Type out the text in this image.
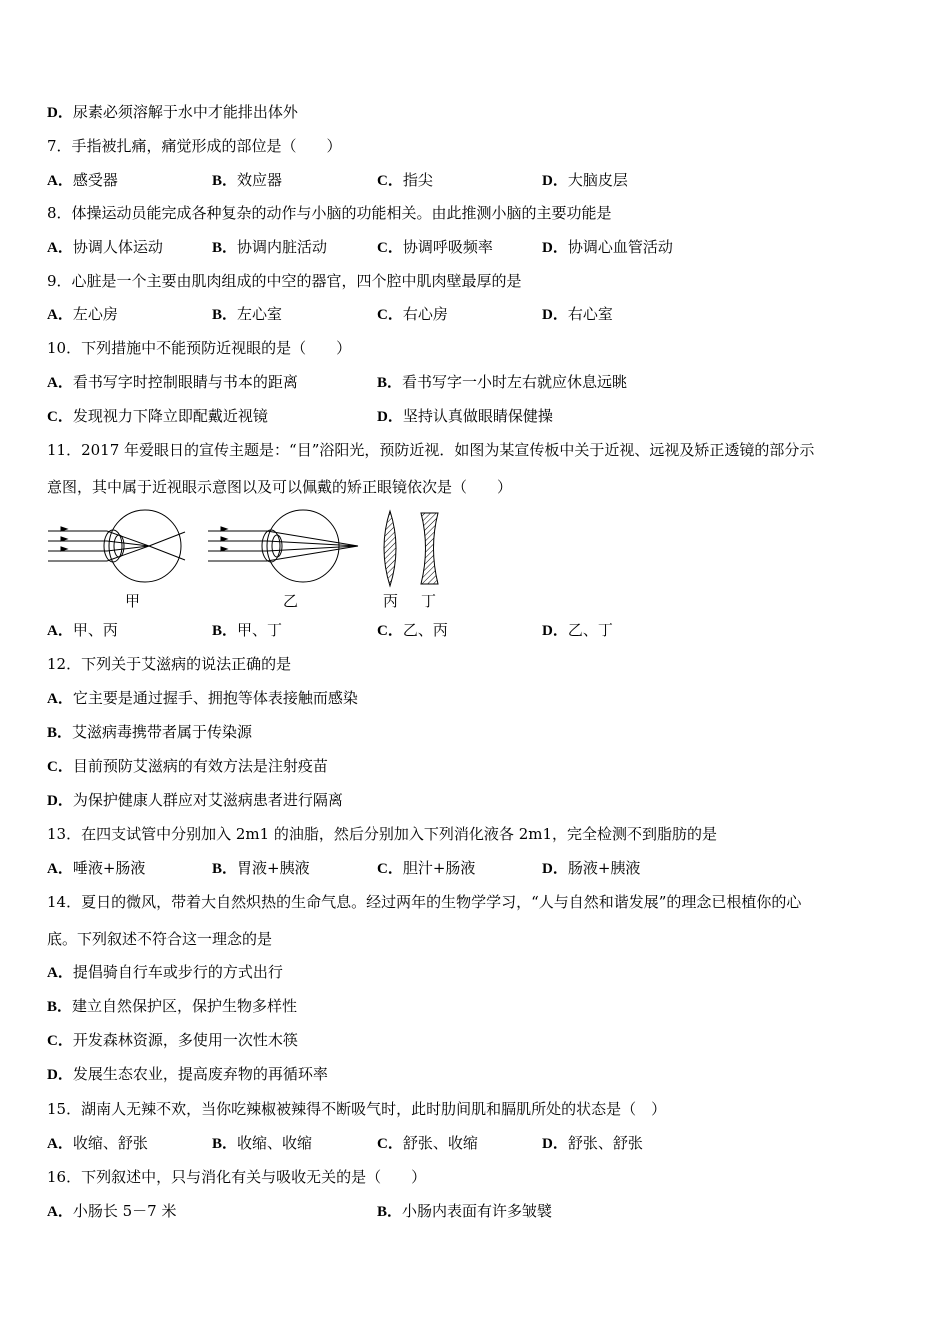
D．尿素必须溶解于水中才能排出体外
7．手指被扎痛，痛觉形成的部位是（　　）
A．感受器	B．效应器	C．指尖	D．大脑皮层
8．体操运动员能完成各种复杂的动作与小脑的功能相关。由此推测小脑的主要功能是
A．协调人体运动	B．协调内脏活动	C．协调呼吸频率	D．协调心血管活动
9．心脏是一个主要由肌肉组成的中空的器官，四个腔中肌肉壁最厚的是
A．左心房	B．左心室	C．右心房	D．右心室
10．下列措施中不能预防近视眼的是（　　）
A．看书写字时控制眼睛与书本的距离	B．看书写字一小时左右就应休息远眺
C．发现视力下降立即配戴近视镜	D．坚持认真做眼睛保健操
11．2017 年爱眼日的宣传主题是：“目”浴阳光，预防近视．如图为某宣传板中关于近视、远视及矫正透镜的部分示
意图，其中属于近视眼示意图以及可以佩戴的矫正眼镜依次是（　　）
甲	乙	丙 丁
A．甲、丙	B．甲、丁	C．乙、丙	D．乙、丁
12．下列关于艾滋病的说法正确的是
A．它主要是通过握手、拥抱等体表接触而感染
B．艾滋病毒携带者属于传染源
C．目前预防艾滋病的有效方法是注射疫苗
D．为保护健康人群应对艾滋病患者进行隔离
13．在四支试管中分别加入 2m1 的油脂，然后分别加入下列消化液各 2m1，完全检测不到脂肪的是
A．唾液+肠液	B．胃液+胰液	C．胆汁+肠液	D．肠液+胰液
14．夏日的微风，带着大自然炽热的生命气息。经过两年的生物学学习，“人与自然和谐发展”的理念已根植你的心
底。下列叙述不符合这一理念的是
A．提倡骑自行车或步行的方式出行
B．建立自然保护区，保护生物多样性
C．开发森林资源，多使用一次性木筷
D．发展生态农业，提高废弃物的再循环率
15．湖南人无辣不欢，当你吃辣椒被辣得不断吸气时，此时肋间肌和膈肌所处的状态是（　）
A．收缩、舒张	B．收缩、收缩	C．舒张、收缩	D．舒张、舒张
16．下列叙述中，只与消化有关与吸收无关的是（　　）
A．小肠长 5－7 米	B．小肠内表面有许多皱襞
